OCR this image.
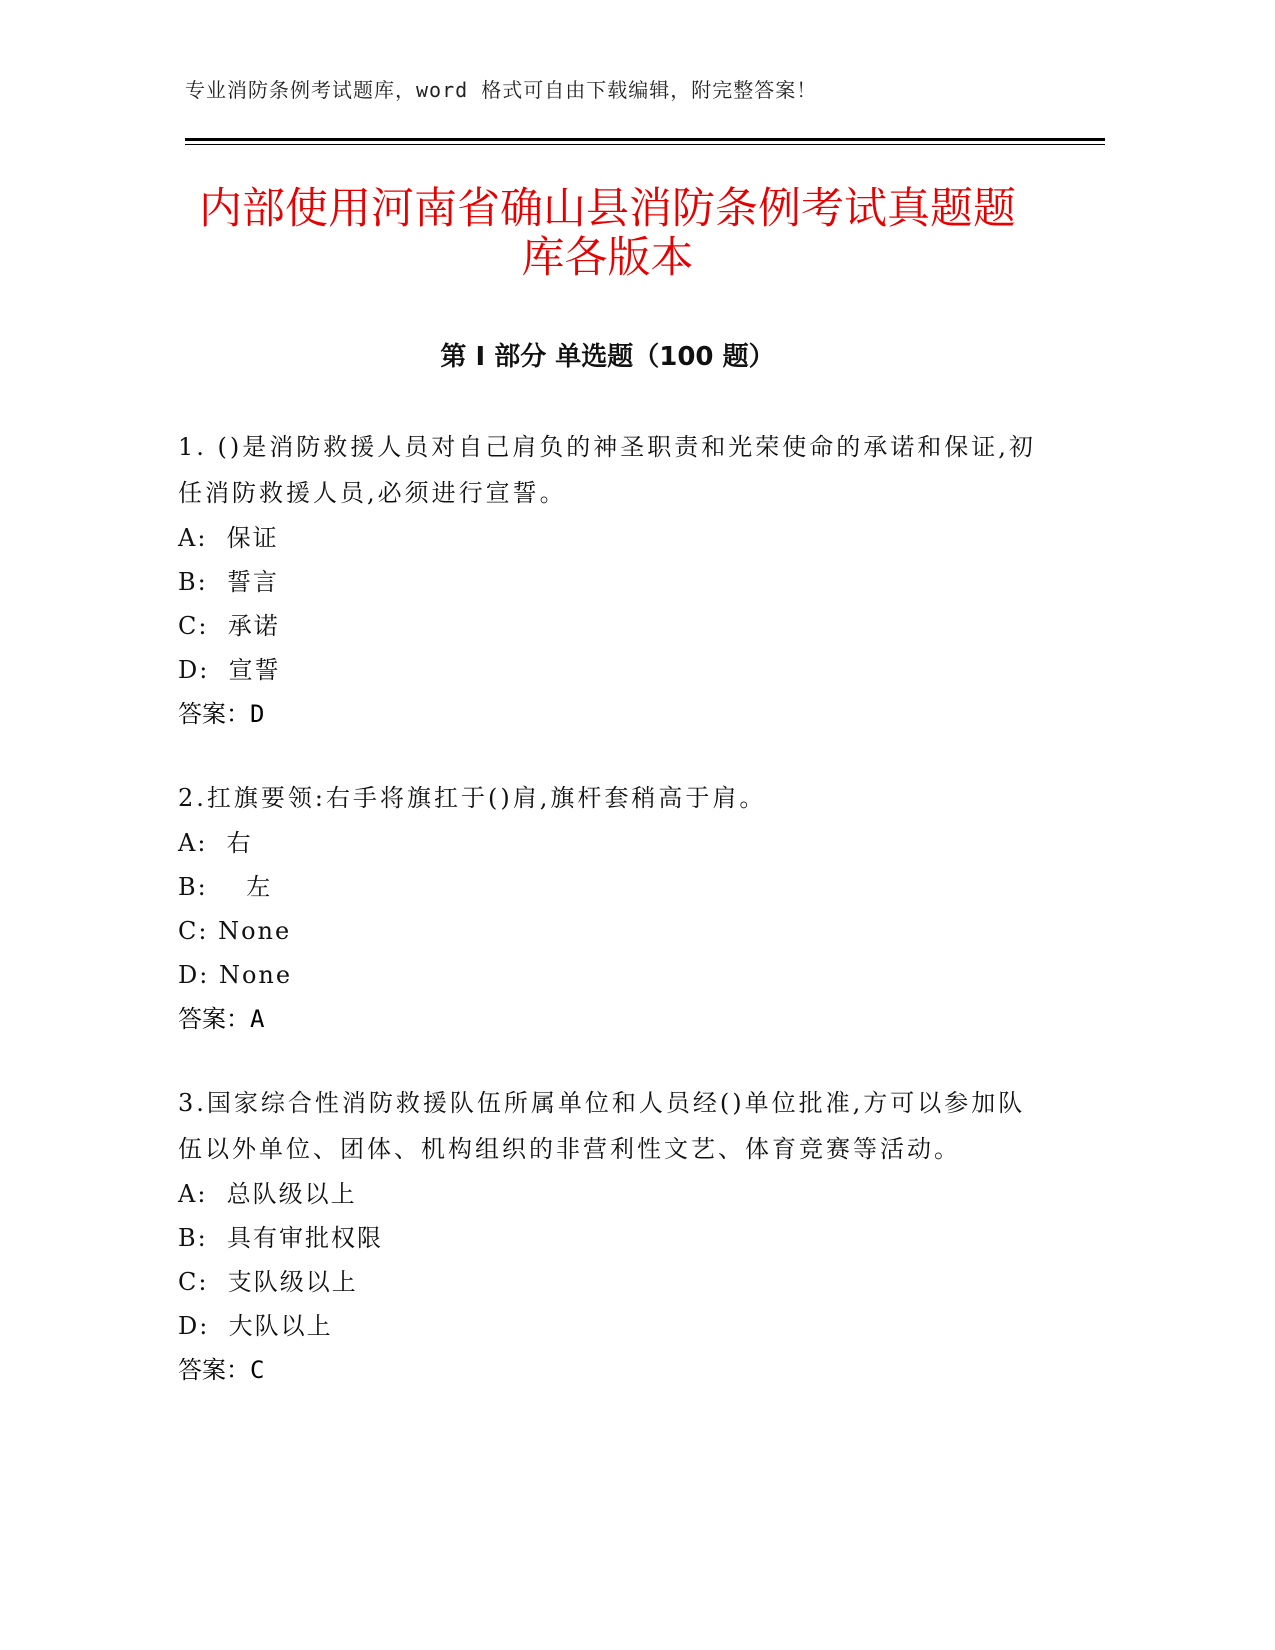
专业消防条例考试题库，word 格式可自由下载编辑，附完整答案！
内部使用河南省确山县消防条例考试真题题
库各版本
第 I 部分 单选题（100 题）
1. ()是消防救援人员对自己肩负的神圣职责和光荣使命的承诺和保证,初任消防救援人员,必须进行宣誓。
A:  保证
B:  誓言
C:  承诺
D:  宣誓
答案：D
2.扛旗要领:右手将旗扛于()肩,旗杆套稍高于肩。
A:  右
B:    左
C: None
D: None
答案：A
3.国家综合性消防救援队伍所属单位和人员经()单位批准,方可以参加队伍以外单位、团体、机构组织的非营利性文艺、体育竞赛等活动。
A:  总队级以上
B:  具有审批权限
C:  支队级以上
D:  大队以上
答案：C
